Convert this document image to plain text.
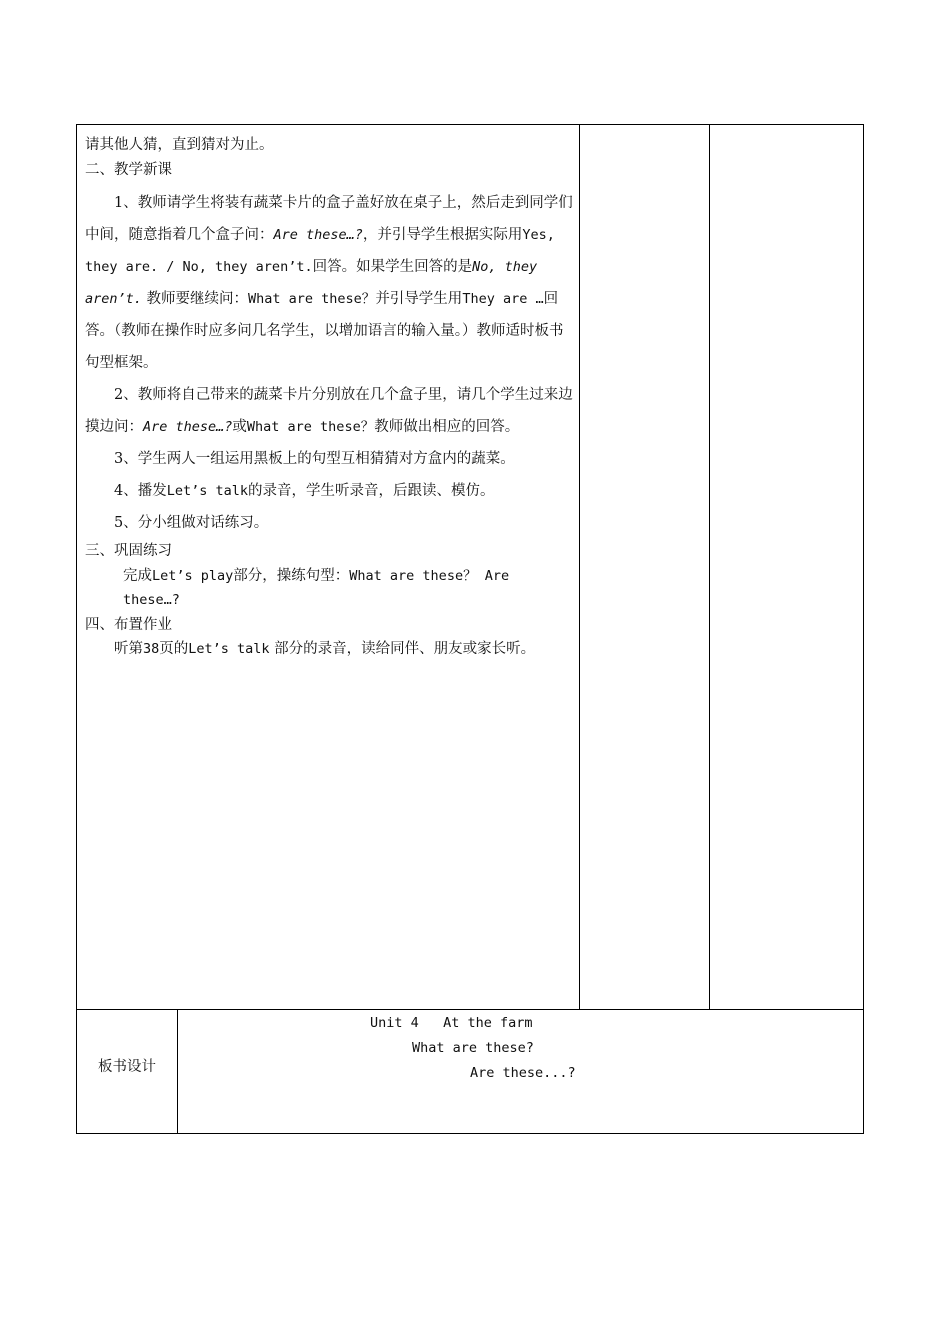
请其他人猜，直到猜对为止。

二、教学新课

1、教师请学生将装有蔬菜卡片的盒子盖好放在桌子上，然后走到同学们中间，随意指着几个盒子问：Are these…?，并引导学生根据实际用Yes, they are. / No, they aren’t.回答。如果学生回答的是No, they aren’t. 教师要继续问：What are these？并引导学生用They are …回答。（教师在操作时应多问几名学生，以增加语言的输入量。）教师适时板书句型框架。

2、教师将自己带来的蔬菜卡片分别放在几个盒子里，请几个学生过来边摸边问：Are these…?或What are these？教师做出相应的回答。

3、学生两人一组运用黑板上的句型互相猜猜对方盒内的蔬菜。

4、播发Let’s talk的录音，学生听录音，后跟读、模仿。

5、分小组做对话练习。

三、巩固练习

完成Let’s play部分，操练句型：What are these？ Are these…?

四、布置作业

听第38页的Let’s talk 部分的录音，读给同伴、朋友或家长听。

板书设计
Unit 4   At the farm
What are these?
Are these...?
